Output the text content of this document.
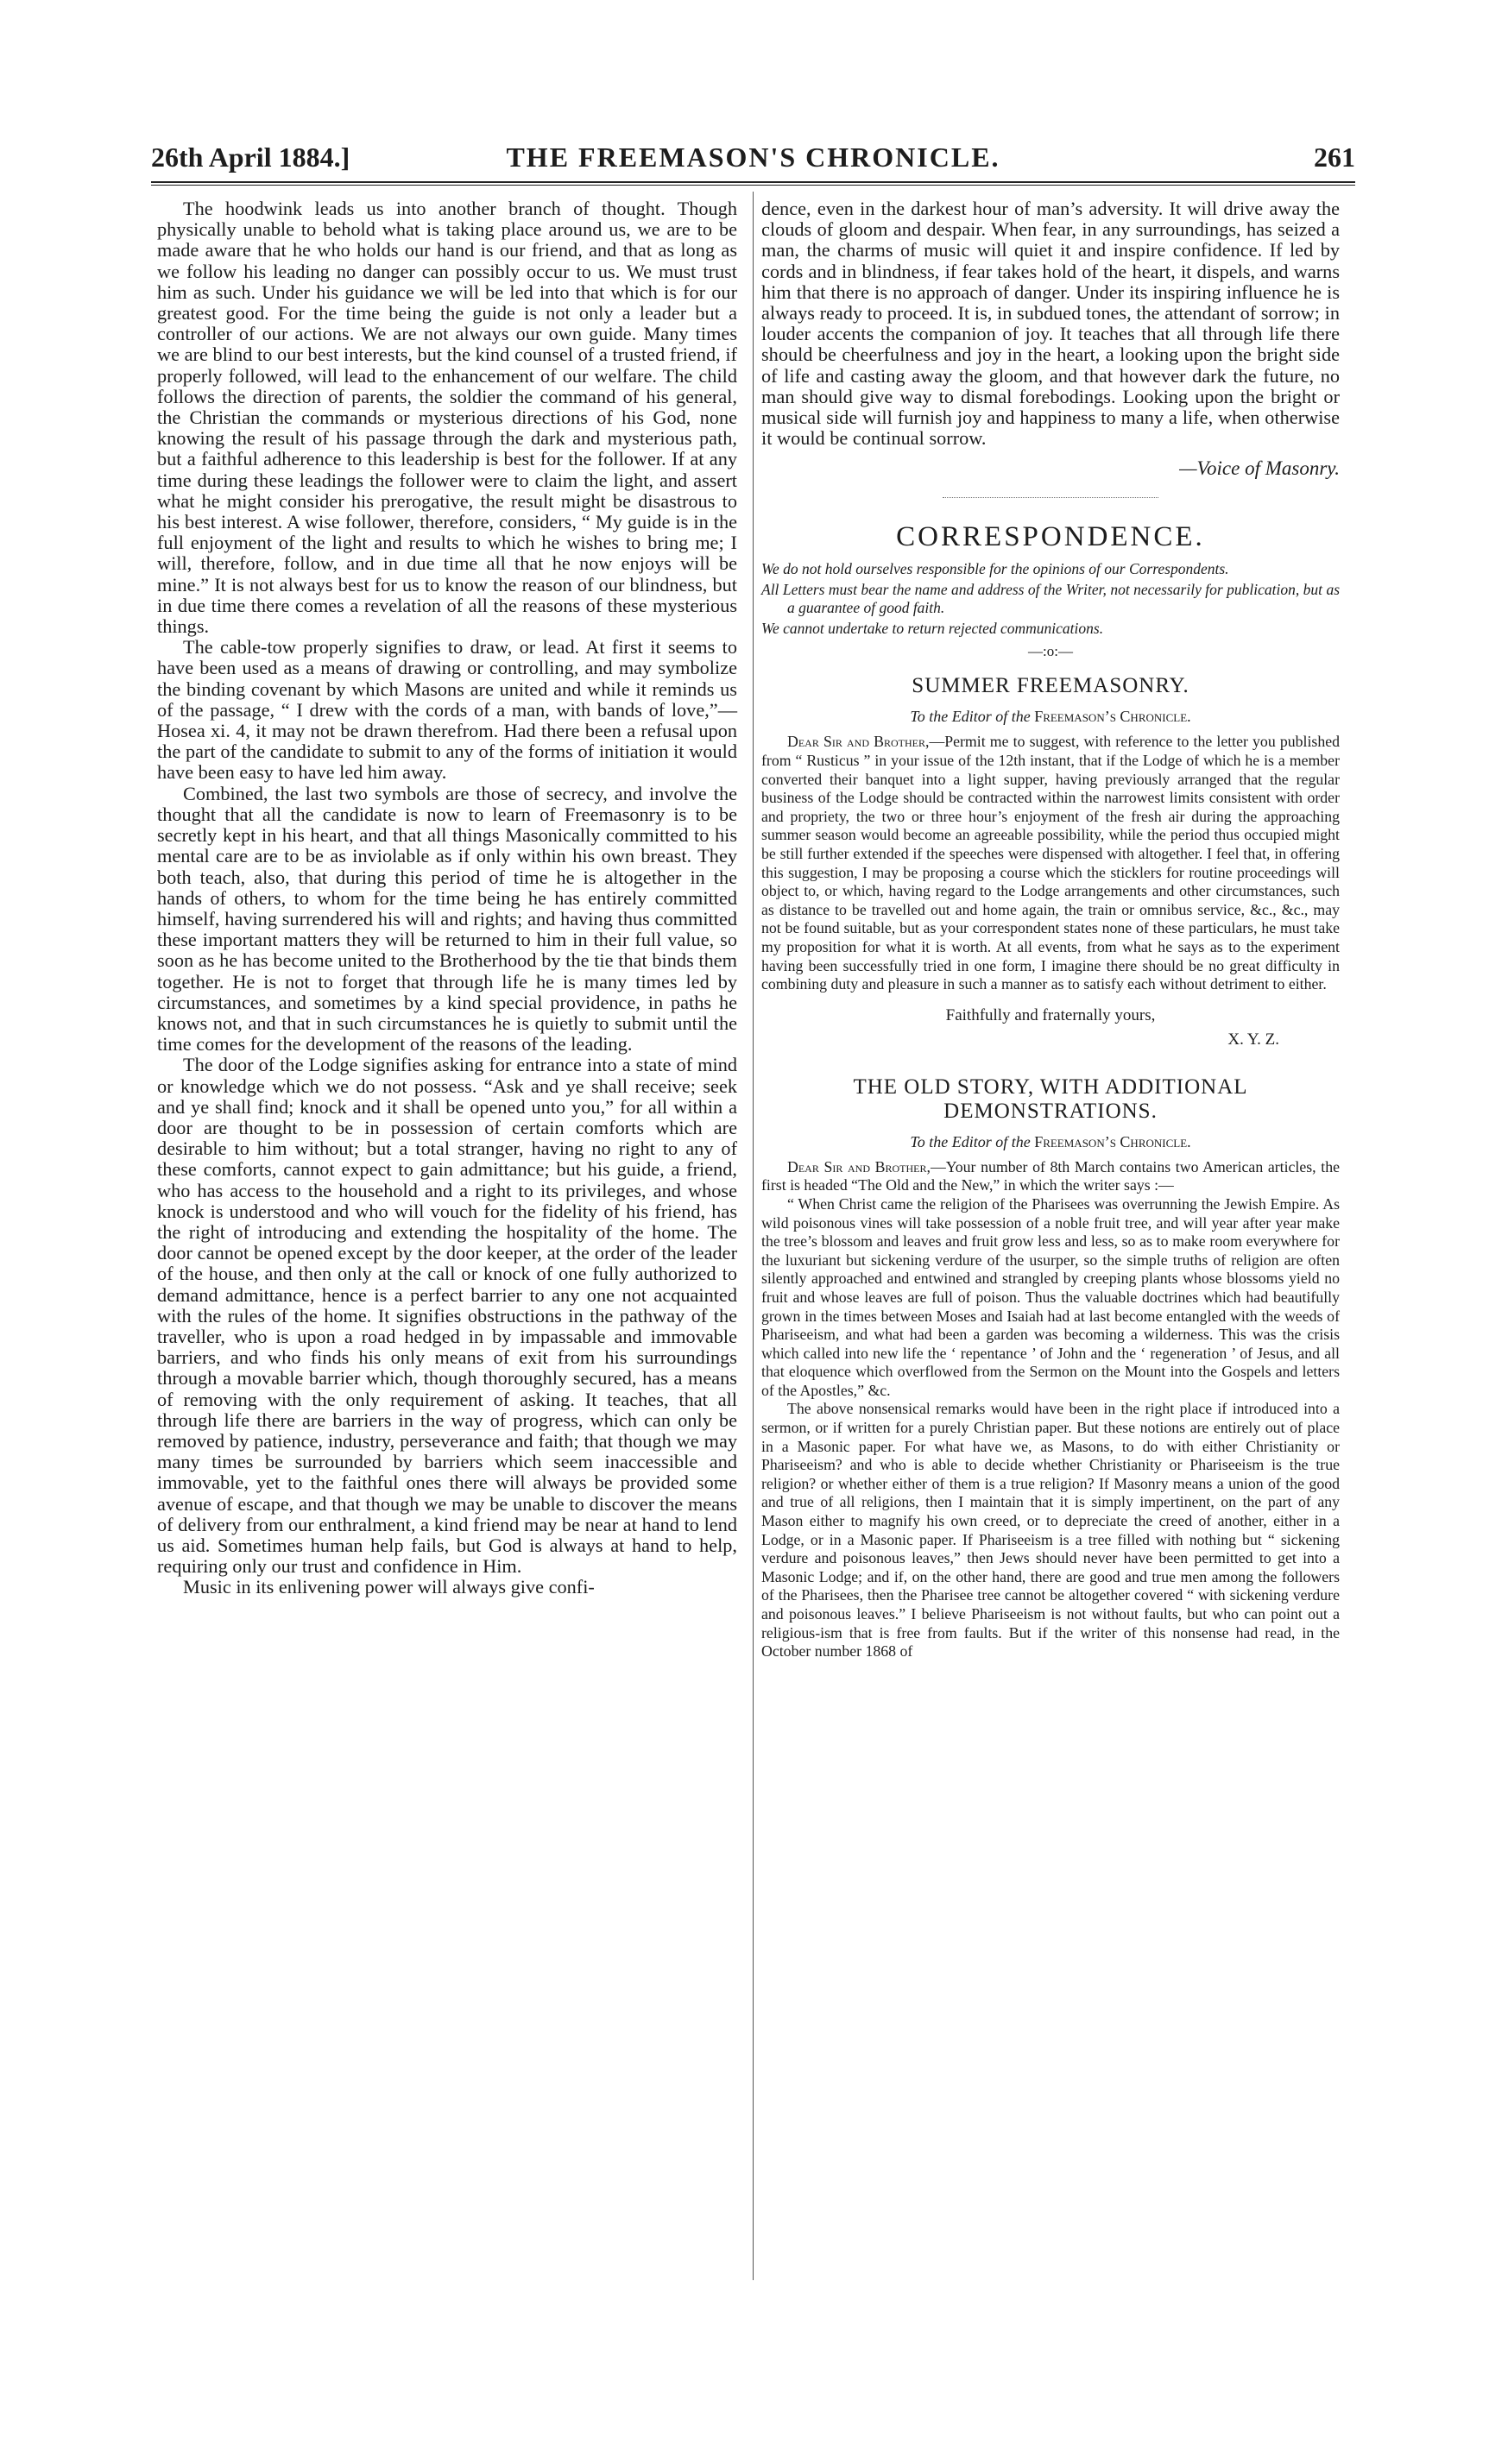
26th April 1884.]	THE FREEMASON'S CHRONICLE.	261

The hoodwink leads us into another branch of thought. Though physically unable to behold what is taking place around us, we are to be made aware that he who holds our hand is our friend, and that as long as we follow his leading no danger can possibly occur to us. We must trust him as such. Under his guidance we will be led into that which is for our greatest good. For the time being the guide is not only a leader but a controller of our actions. We are not always our own guide. Many times we are blind to our best interests, but the kind counsel of a trusted friend, if properly followed, will lead to the enhancement of our welfare. The child follows the direction of parents, the soldier the command of his general, the Christian the commands or mysterious directions of his God, none knowing the result of his passage through the dark and mysterious path, but a faithful adherence to this leadership is best for the follower. If at any time during these leadings the follower were to claim the light, and assert what he might consider his prerogative, the result might be disastrous to his best interest. A wise follower, therefore, considers, “ My guide is in the full enjoyment of the light and results to which he wishes to bring me; I will, therefore, follow, and in due time all that he now enjoys will be mine.” It is not always best for us to know the reason of our blindness, but in due time there comes a revelation of all the reasons of these mysterious things.

The cable-tow properly signifies to draw, or lead. At first it seems to have been used as a means of drawing or controlling, and may symbolize the binding covenant by which Masons are united and while it reminds us of the passage, “ I drew with the cords of a man, with bands of love,”—Hosea xi. 4, it may not be drawn therefrom. Had there been a refusal upon the part of the candidate to submit to any of the forms of initiation it would have been easy to have led him away.

Combined, the last two symbols are those of secrecy, and involve the thought that all the candidate is now to learn of Freemasonry is to be secretly kept in his heart, and that all things Masonically committed to his mental care are to be as inviolable as if only within his own breast. They both teach, also, that during this period of time he is altogether in the hands of others, to whom for the time being he has entirely committed himself, having surrendered his will and rights; and having thus committed these important matters they will be returned to him in their full value, so soon as he has become united to the Brotherhood by the tie that binds them together. He is not to forget that through life he is many times led by circumstances, and sometimes by a kind special providence, in paths he knows not, and that in such circumstances he is quietly to submit until the time comes for the development of the reasons of the leading.

The door of the Lodge signifies asking for entrance into a state of mind or knowledge which we do not possess. “Ask and ye shall receive; seek and ye shall find; knock and it shall be opened unto you,” for all within a door are thought to be in possession of certain comforts which are desirable to him without; but a total stranger, having no right to any of these comforts, cannot expect to gain admittance; but his guide, a friend, who has access to the household and a right to its privileges, and whose knock is understood and who will vouch for the fidelity of his friend, has the right of introducing and extending the hospitality of the home. The door cannot be opened except by the door keeper, at the order of the leader of the house, and then only at the call or knock of one fully authorized to demand admittance, hence is a perfect barrier to any one not acquainted with the rules of the home. It signifies obstructions in the pathway of the traveller, who is upon a road hedged in by impassable and immovable barriers, and who finds his only means of exit from his surroundings through a movable barrier which, though thoroughly secured, has a means of removing with the only requirement of asking. It teaches, that all through life there are barriers in the way of progress, which can only be removed by patience, industry, perseverance and faith; that though we may many times be surrounded by barriers which seem inaccessible and immovable, yet to the faithful ones there will always be provided some avenue of escape, and that though we may be unable to discover the means of delivery from our enthralment, a kind friend may be near at hand to lend us aid. Sometimes human help fails, but God is always at hand to help, requiring only our trust and confidence in Him.

Music in its enlivening power will always give confi-

dence, even in the darkest hour of man’s adversity. It will drive away the clouds of gloom and despair. When fear, in any surroundings, has seized a man, the charms of music will quiet it and inspire confidence. If led by cords and in blindness, if fear takes hold of the heart, it dispels, and warns him that there is no approach of danger. Under its inspiring influence he is always ready to proceed. It is, in subdued tones, the attendant of sorrow; in louder accents the companion of joy. It teaches that all through life there should be cheerfulness and joy in the heart, a looking upon the bright side of life and casting away the gloom, and that however dark the future, no man should give way to dismal forebodings. Looking upon the bright or musical side will furnish joy and happiness to many a life, when otherwise it would be continual sorrow.

—Voice of Masonry.
CORRESPONDENCE.
We do not hold ourselves responsible for the opinions of our Correspondents.
All Letters must bear the name and address of the Writer, not necessarily for publication, but as a guarantee of good faith.
We cannot undertake to return rejected communications.
—:o:—
SUMMER FREEMASONRY.
To the Editor of the Freemason’s Chronicle.

Dear Sir and Brother,—Permit me to suggest, with reference to the letter you published from “ Rusticus ” in your issue of the 12th instant, that if the Lodge of which he is a member converted their banquet into a light supper, having previously arranged that the regular business of the Lodge should be contracted within the narrowest limits consistent with order and propriety, the two or three hour’s enjoyment of the fresh air during the approaching summer season would become an agreeable possibility, while the period thus occupied might be still further extended if the speeches were dispensed with altogether. I feel that, in offering this suggestion, I may be proposing a course which the sticklers for routine proceedings will object to, or which, having regard to the Lodge arrangements and other circumstances, such as distance to be travelled out and home again, the train or omnibus service, &c., &c., may not be found suitable, but as your correspondent states none of these particulars, he must take my proposition for what it is worth. At all events, from what he says as to the experiment having been successfully tried in one form, I imagine there should be no great difficulty in combining duty and pleasure in such a manner as to satisfy each without detriment to either.

Faithfully and fraternally yours,
X. Y. Z.
THE OLD STORY, WITH ADDITIONAL
DEMONSTRATIONS.
To the Editor of the Freemason’s Chronicle.

Dear Sir and Brother,—Your number of 8th March contains two American articles, the first is headed “The Old and the New,” in which the writer says :—

“ When Christ came the religion of the Pharisees was overrunning the Jewish Empire. As wild poisonous vines will take possession of a noble fruit tree, and will year after year make the tree’s blossom and leaves and fruit grow less and less, so as to make room everywhere for the luxuriant but sickening verdure of the usurper, so the simple truths of religion are often silently approached and entwined and strangled by creeping plants whose blossoms yield no fruit and whose leaves are full of poison. Thus the valuable doctrines which had beautifully grown in the times between Moses and Isaiah had at last become entangled with the weeds of Phariseeism, and what had been a garden was becoming a wilderness. This was the crisis which called into new life the ‘ repentance ’ of John and the ‘ regeneration ’ of Jesus, and all that eloquence which overflowed from the Sermon on the Mount into the Gospels and letters of the Apostles,” &c.

The above nonsensical remarks would have been in the right place if introduced into a sermon, or if written for a purely Christian paper. But these notions are entirely out of place in a Masonic paper. For what have we, as Masons, to do with either Christianity or Phariseeism? and who is able to decide whether Christianity or Phariseeism is the true religion? or whether either of them is a true religion? If Masonry means a union of the good and true of all religions, then I maintain that it is simply impertinent, on the part of any Mason either to magnify his own creed, or to depreciate the creed of another, either in a Lodge, or in a Masonic paper. If Phariseeism is a tree filled with nothing but “ sickening verdure and poisonous leaves,” then Jews should never have been permitted to get into a Masonic Lodge; and if, on the other hand, there are good and true men among the followers of the Pharisees, then the Pharisee tree cannot be altogether covered “ with sickening verdure and poisonous leaves.” I believe Phariseeism is not without faults, but who can point out a religious-ism that is free from faults. But if the writer of this nonsense had read, in the October number 1868 of
